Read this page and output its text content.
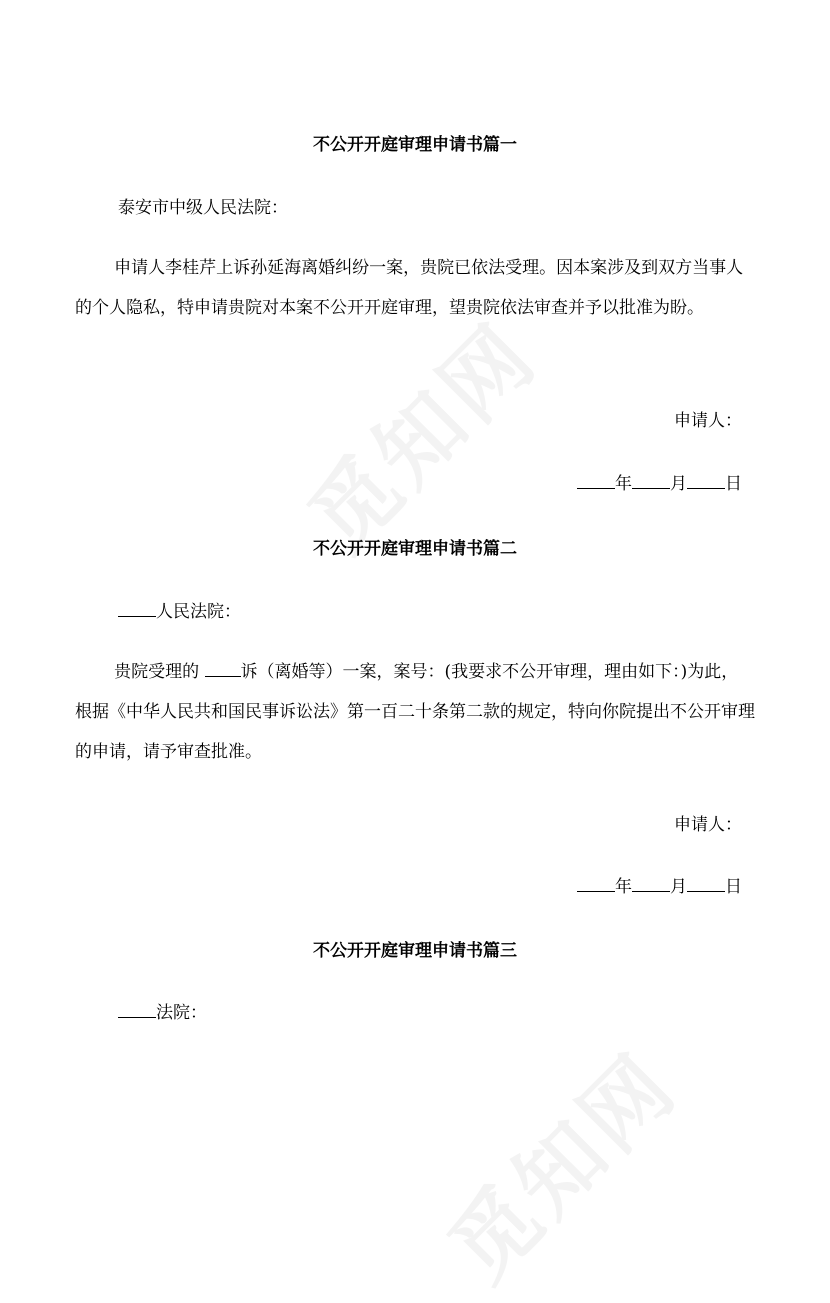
不公开开庭审理申请书篇一
泰安市中级人民法院：
申请人李桂芹上诉孙延海离婚纠纷一案，贵院已依法受理。因本案涉及到双方当事人的个人隐私，特申请贵院对本案不公开开庭审理，望贵院依法审查并予以批准为盼。
申请人：
年 月 日
不公开开庭审理申请书篇二
人民法院：
贵院受理的 诉（离婚等）一案，案号：(我要求不公开审理，理由如下：)为此，根据《中华人民共和国民事诉讼法》第一百二十条第二款的规定，特向你院提出不公开审理的申请，请予审查批准。
申请人：
年 月 日
不公开开庭审理申请书篇三
法院：
